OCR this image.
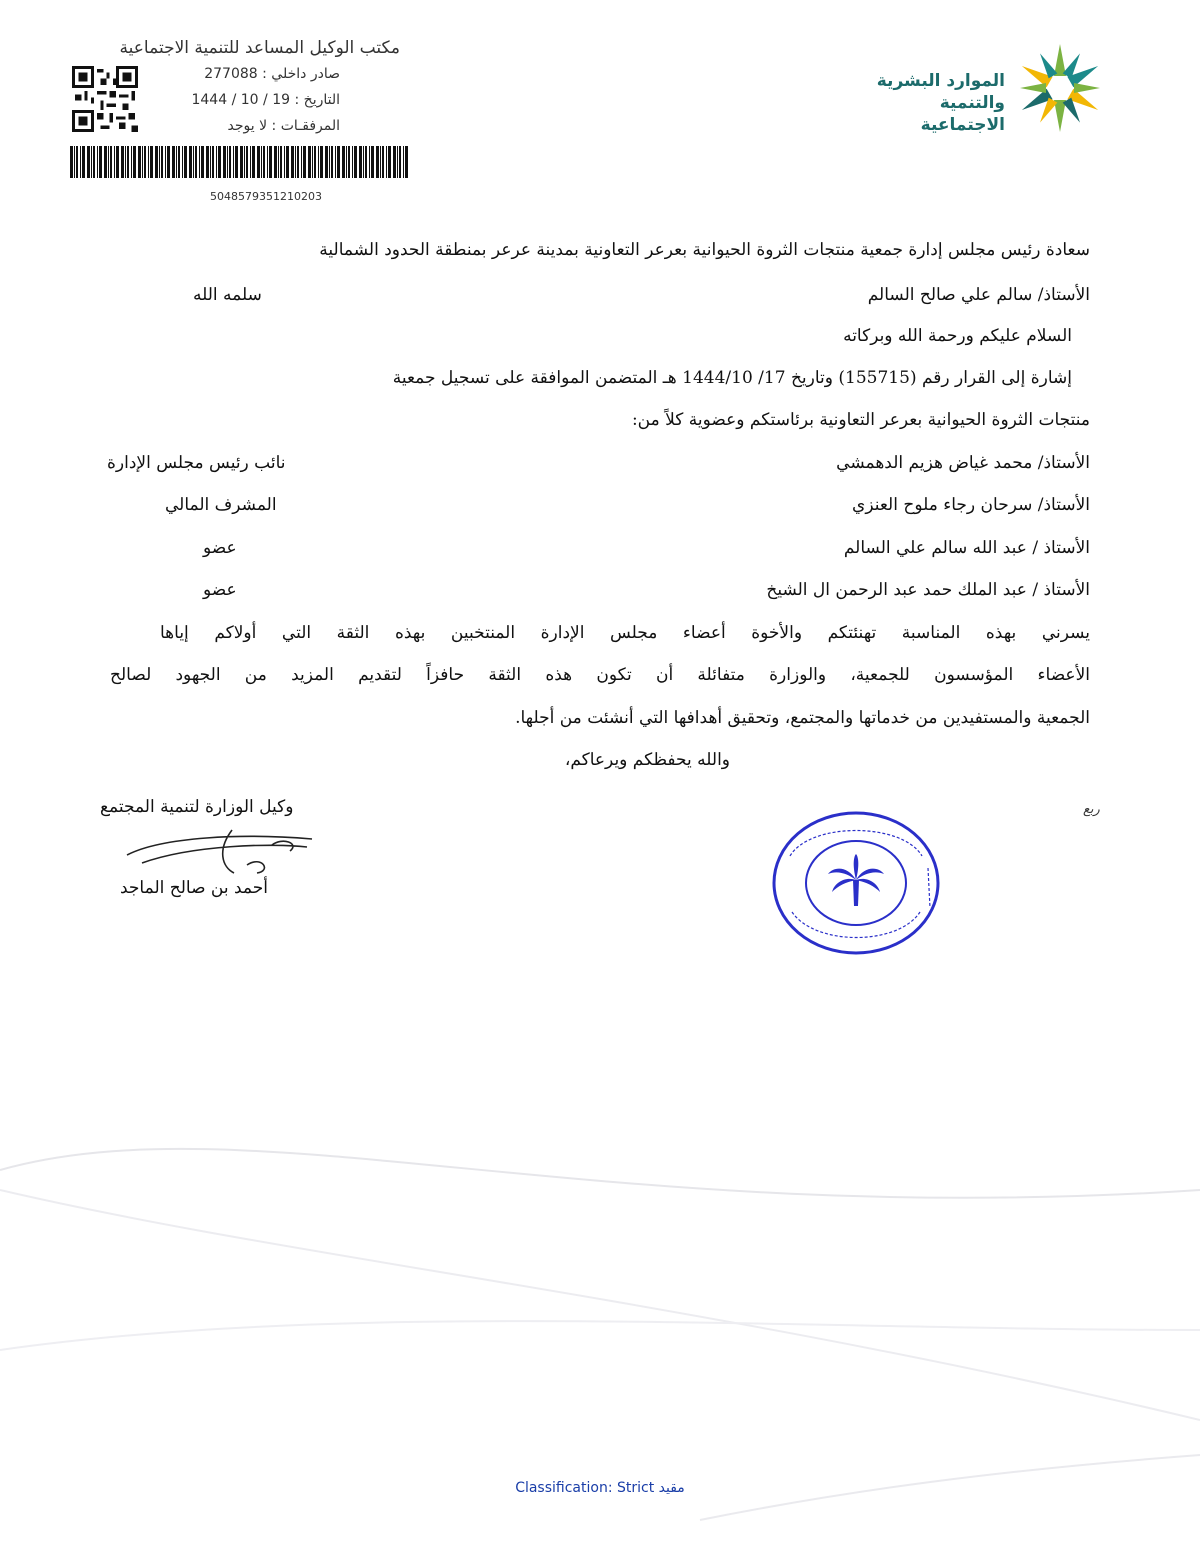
الموارد البشرية
والتنمية الاجتماعية
مكتب الوكيل المساعد للتنمية الاجتماعية
صادر داخلي : 277088
التاريخ : 19 / 10 / 1444
المرفقـات : لا يوجد
5048579351210203
سعادة رئيس مجلس إدارة جمعية منتجات الثروة الحيوانية بعرعر التعاونية بمدينة عرعر بمنطقة الحدود الشمالية
الأستاذ/ سالم علي صالح السالم
سلمه الله
السلام عليكم ورحمة الله وبركاته
إشارة إلى القرار رقم (155715) وتاريخ 17/ 1444/10 هـ المتضمن الموافقة على تسجيل جمعية
منتجات الثروة الحيوانية بعرعر التعاونية برئاستكم وعضوية كلاً من:
الأستاذ/ محمد غياض هزيم الدهمشي
نائب رئيس مجلس الإدارة
الأستاذ/ سرحان رجاء ملوح العنزي
المشرف المالي
الأستاذ / عبد الله سالم علي السالم
عضو
الأستاذ / عبد الملك حمد عبد الرحمن ال الشيخ
عضو
يسرني بهذه المناسبة تهنئتكم والأخوة أعضاء مجلس الإدارة المنتخبين بهذه الثقة التي أولاكم إياها
الأعضاء المؤسسون للجمعية، والوزارة متفائلة أن تكون هذه الثقة حافزاً لتقديم المزيد من الجهود لصالح
الجمعية والمستفيدين من خدماتها والمجتمع، وتحقيق أهدافها التي أنشئت من أجلها.
والله يحفظكم ويرعاكم،
وكيل الوزارة لتنمية المجتمع
أحمد بن صالح الماجد
ربع
Classification: Strict مقيد
